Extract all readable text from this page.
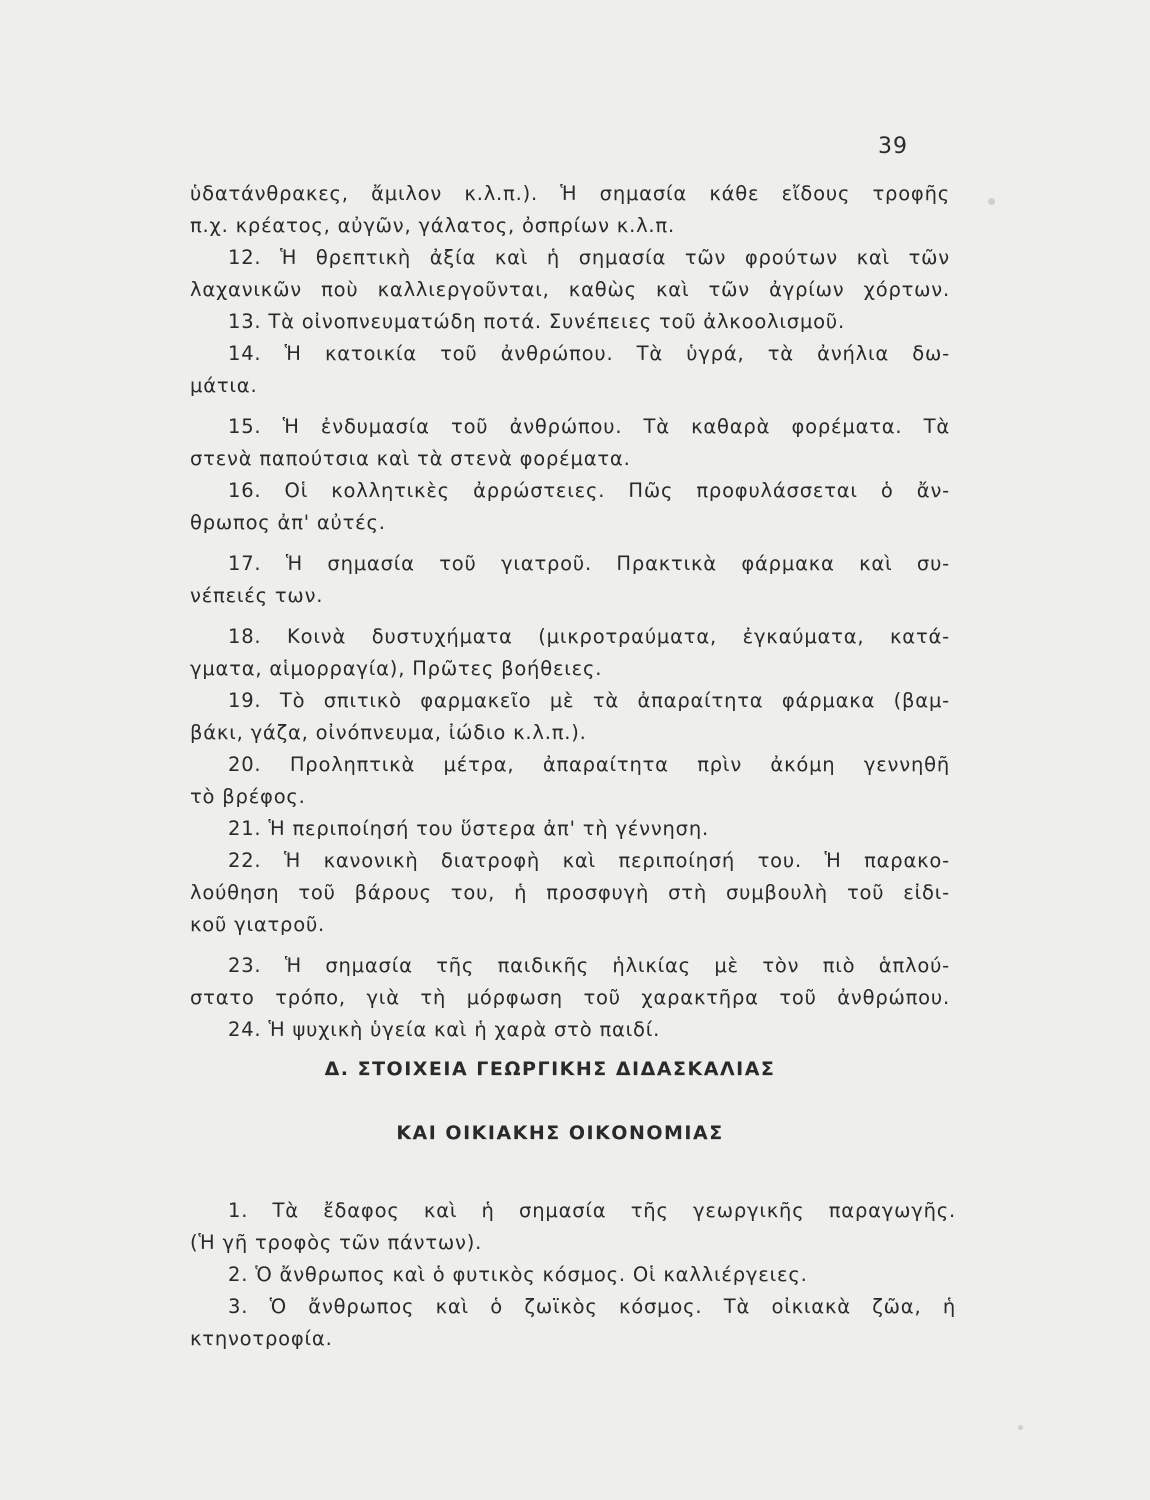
39
ὑδατάνθρακες, ἄμιλον κ.λ.π.). Ἡ σημασία κάθε εἴδους τροφῆς
π.χ. κρέατος, αὐγῶν, γάλατος, ὀσπρίων κ.λ.π.
12. Ἡ θρεπτικὴ ἀξία καὶ ἡ σημασία τῶν φρούτων καὶ τῶν
λαχανικῶν ποὺ καλλιεργοῦνται, καθὼς καὶ τῶν ἀγρίων χόρτων.
13. Τὰ οἰνοπνευματώδη ποτά. Συνέπειες τοῦ ἀλκοολισμοῦ.
14. Ἡ κατοικία τοῦ ἀνθρώπου. Τὰ ὑγρά, τὰ ἀνήλια δω-
μάτια.
15. Ἡ ἐνδυμασία τοῦ ἀνθρώπου. Τὰ καθαρὰ φορέματα. Τὰ
στενὰ παπούτσια καὶ τὰ στενὰ φορέματα.
16. Οἱ κολλητικὲς ἀρρώστειες. Πῶς προφυλάσσεται ὁ ἄν-
θρωπος ἀπ' αὐτές.
17. Ἡ σημασία τοῦ γιατροῦ. Πρακτικὰ φάρμακα καὶ συ-
νέπειές των.
18. Κοινὰ δυστυχήματα (μικροτραύματα, ἐγκαύματα, κατά-
γματα, αἱμορραγία), Πρῶτες βοήθειες.
19. Τὸ σπιτικὸ φαρμακεῖο μὲ τὰ ἀπαραίτητα φάρμακα (βαμ-
βάκι, γάζα, οἰνόπνευμα, ἰώδιο κ.λ.π.).
20. Προληπτικὰ μέτρα, ἀπαραίτητα πρὶν ἀκόμη γεννηθῆ
τὸ βρέφος.
21. Ἡ περιποίησή του ὕστερα ἀπ' τὴ γέννηση.
22. Ἡ κανονικὴ διατροφὴ καὶ περιποίησή του. Ἡ παρακο-
λούθηση τοῦ βάρους του, ἡ προσφυγὴ στὴ συμβουλὴ τοῦ εἰδι-
κοῦ γιατροῦ.
23. Ἡ σημασία τῆς παιδικῆς ἡλικίας μὲ τὸν πιὸ ἁπλού-
στατο τρόπο, γιὰ τὴ μόρφωση τοῦ χαρακτῆρα τοῦ ἀνθρώπου.
24. Ἡ ψυχικὴ ὑγεία καὶ ἡ χαρὰ στὸ παιδί.
Δ. ΣΤΟΙΧΕΙΑ ΓΕΩΡΓΙΚΗΣ ΔΙΔΑΣΚΑΛΙΑΣ
ΚΑΙ ΟΙΚΙΑΚΗΣ ΟΙΚΟΝΟΜΙΑΣ
1. Τὰ ἔδαφος καὶ ἡ σημασία τῆς γεωργικῆς παραγωγῆς.
(Ἡ γῆ τροφὸς τῶν πάντων).
2. Ὁ ἄνθρωπος καὶ ὁ φυτικὸς κόσμος. Οἱ καλλιέργειες.
3. Ὁ ἄνθρωπος καὶ ὁ ζωϊκὸς κόσμος. Τὰ οἰκιακὰ ζῶα, ἡ
κτηνοτροφία.
